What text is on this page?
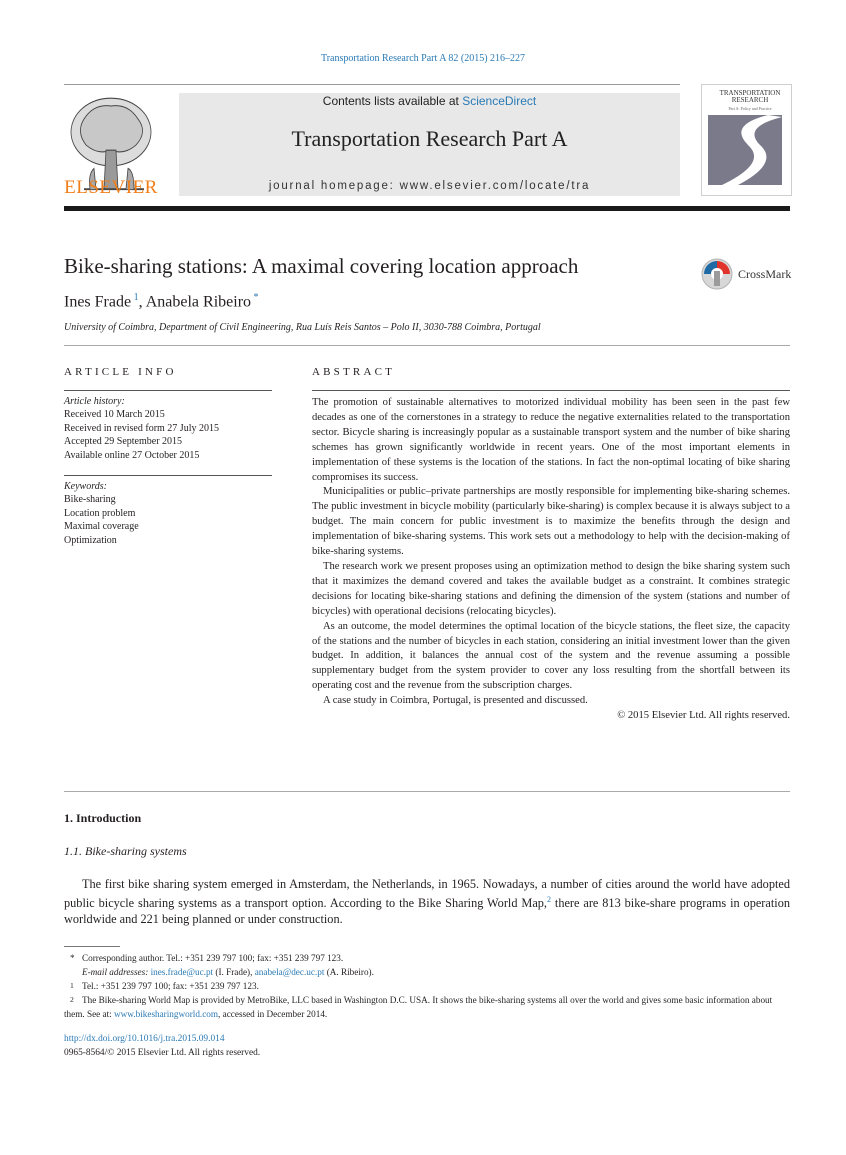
Transportation Research Part A 82 (2015) 216–227
ELSEVIER
Contents lists available at ScienceDirect
Transportation Research Part A
journal homepage: www.elsevier.com/locate/tra
TRANSPORTATION RESEARCH
Part A: Policy and Practice
Bike-sharing stations: A maximal covering location approach	CrossMark
Ines Frade $^1$, Anabela Ribeiro *
University of Coimbra, Department of Civil Engineering, Rua Luís Reis Santos – Polo II, 3030-788 Coimbra, Portugal
ARTICLE INFO	ABSTRACT
Article history:
Received 10 March 2015
Received in revised form 27 July 2015
Accepted 29 September 2015
Available online 27 October 2015
Keywords:
Bike-sharing
Location problem
Maximal coverage
Optimization

The promotion of sustainable alternatives to motorized individual mobility has been seen in the past few decades as one of the cornerstones in a strategy to reduce the negative externalities related to the transportation sector. Bicycle sharing is increasingly popular as a sustainable transport system and the number of bike sharing schemes has grown significantly worldwide in recent years. One of the most important elements in implementation of these systems is the location of the stations. In fact the non-optimal locating of bike sharing compromises its success.

Municipalities or public–private partnerships are mostly responsible for implementing bike-sharing schemes. The public investment in bicycle mobility (particularly bike-sharing) is complex because it is always subject to a budget. The main concern for public investment is to maximize the benefits through the design and implementation of bike-sharing systems. This work sets out a methodology to help with the decision-making of bike-sharing systems.

The research work we present proposes using an optimization method to design the bike sharing system such that it maximizes the demand covered and takes the available budget as a constraint. It combines strategic decisions for locating bike-sharing stations and defining the dimension of the system (stations and number of bicycles) with operational decisions (relocating bicycles).

As an outcome, the model determines the optimal location of the bicycle stations, the fleet size, the capacity of the stations and the number of bicycles in each station, considering an initial investment lower than the given budget. In addition, it balances the annual cost of the system and the revenue assuming a possible supplementary budget from the system provider to cover any loss resulting from the shortfall between its operating cost and the revenue from the subscription charges.

A case study in Coimbra, Portugal, is presented and discussed.

© 2015 Elsevier Ltd. All rights reserved.

1. Introduction
1.1. Bike-sharing systems
The first bike sharing system emerged in Amsterdam, the Netherlands, in 1965. Nowadays, a number of cities around the world have adopted public bicycle sharing systems as a transport option. According to the Bike Sharing World Map,$^2$ there are 813 bike-share programs in operation worldwide and 221 being planned or under construction.
* Corresponding author. Tel.: +351 239 797 100; fax: +351 239 797 123.
E-mail addresses: ines.frade@uc.pt (I. Frade), anabela@dec.uc.pt (A. Ribeiro).
1 Tel.: +351 239 797 100; fax: +351 239 797 123.
2 The Bike-sharing World Map is provided by MetroBike, LLC based in Washington D.C. USA. It shows the bike-sharing systems all over the world and gives some basic information about them. See at: www.bikesharingworld.com, accessed in December 2014.
http://dx.doi.org/10.1016/j.tra.2015.09.014
0965-8564/© 2015 Elsevier Ltd. All rights reserved.
